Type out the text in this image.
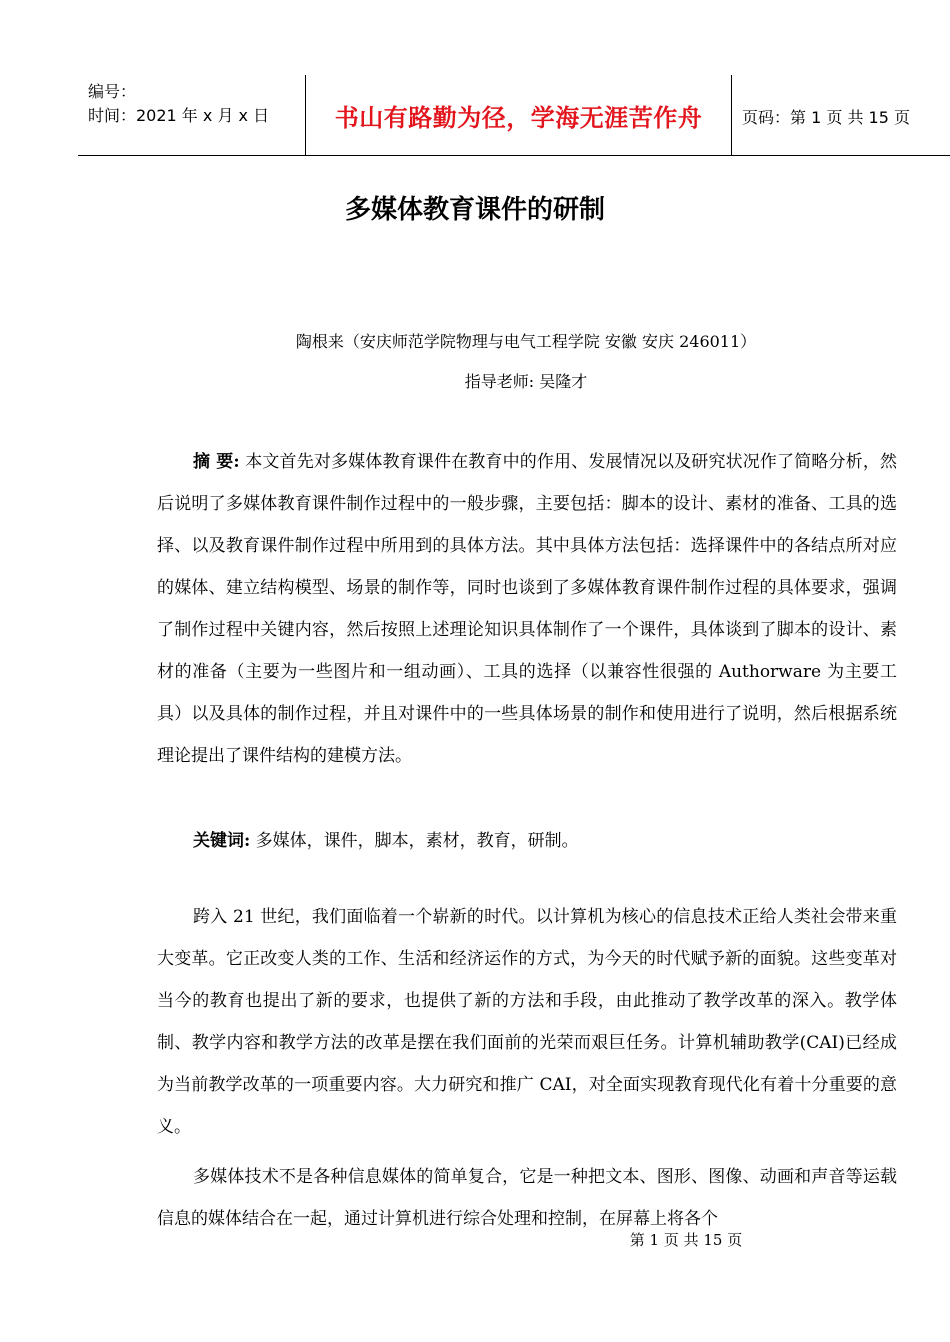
编号：
时间：2021 年 x 月 x 日	书山有路勤为径，学海无涯苦作舟	页码：第 1 页 共 15 页
多媒体教育课件的研制
陶根来（安庆师范学院物理与电气工程学院 安徽 安庆 246011）
指导老师: 吴隆才
摘 要: 本文首先对多媒体教育课件在教育中的作用、发展情况以及研究状况作了简略分析，然后说明了多媒体教育课件制作过程中的一般步骤，主要包括：脚本的设计、素材的准备、工具的选择、以及教育课件制作过程中所用到的具体方法。其中具体方法包括：选择课件中的各结点所对应的媒体、建立结构模型、场景的制作等，同时也谈到了多媒体教育课件制作过程的具体要求，强调了制作过程中关键内容，然后按照上述理论知识具体制作了一个课件，具体谈到了脚本的设计、素材的准备（主要为一些图片和一组动画）、工具的选择（以兼容性很强的 Authorware 为主要工具）以及具体的制作过程，并且对课件中的一些具体场景的制作和使用进行了说明，然后根据系统理论提出了课件结构的建模方法。
关键词: 多媒体，课件，脚本，素材，教育，研制。
跨入 21 世纪，我们面临着一个崭新的时代。以计算机为核心的信息技术正给人类社会带来重大变革。它正改变人类的工作、生活和经济运作的方式，为今天的时代赋予新的面貌。这些变革对当今的教育也提出了新的要求，也提供了新的方法和手段，由此推动了教学改革的深入。教学体制、教学内容和教学方法的改革是摆在我们面前的光荣而艰巨任务。计算机辅助教学(CAI)已经成为当前教学改革的一项重要内容。大力研究和推广 CAI，对全面实现教育现代化有着十分重要的意义。
多媒体技术不是各种信息媒体的简单复合，它是一种把文本、图形、图像、动画和声音等运载信息的媒体结合在一起，通过计算机进行综合处理和控制，在屏幕上将各个
第 1 页 共 15 页
